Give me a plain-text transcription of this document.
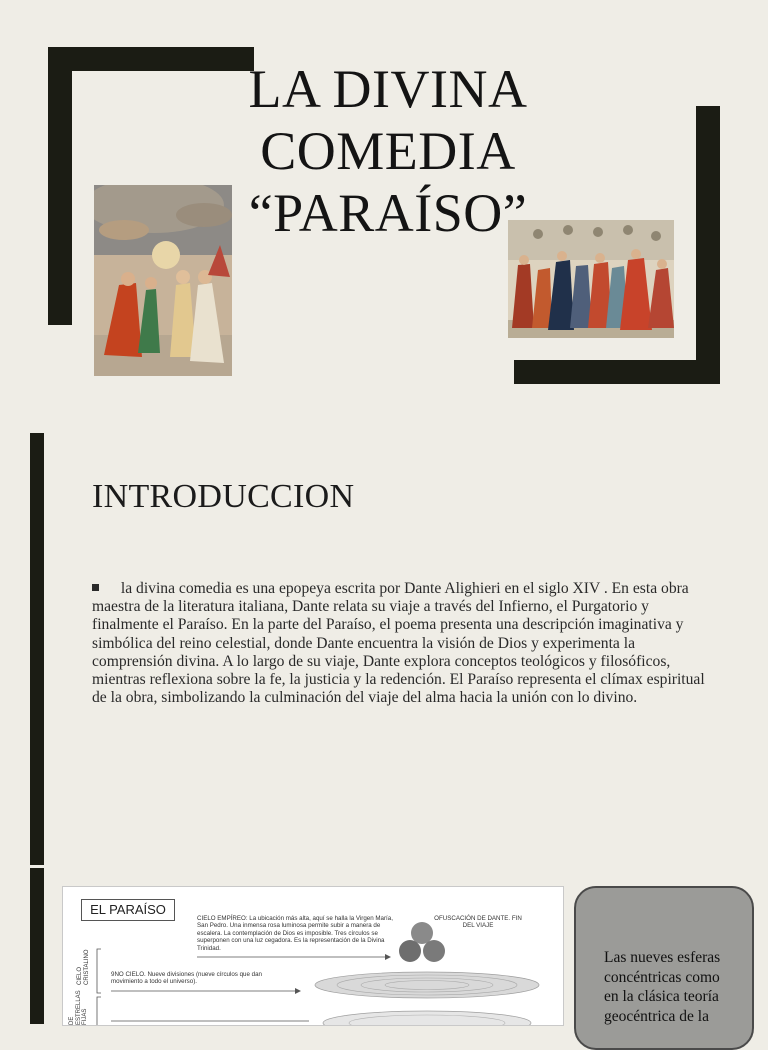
LA DIVINA
COMEDIA
“PARAÍSO”
INTRODUCCION
la divina comedia es una epopeya escrita por Dante Alighieri en el siglo XIV . En esta obra maestra de la literatura italiana, Dante relata su viaje a través del Infierno, el Purgatorio y finalmente el Paraíso. En la parte del Paraíso, el poema presenta una descripción imaginativa y simbólica del reino celestial, donde Dante encuentra la visión de Dios y experimenta la comprensión divina. A lo largo de su viaje, Dante explora conceptos teológicos y filosóficos, mientras reflexiona sobre la fe, la justicia y la redención. El Paraíso representa el clímax espiritual de la obra, simbolizando la culminación del viaje del alma hacia la unión con lo divino.
EL PARAÍSO
CIELO EMPÍREO: La ubicación más alta, aquí se halla la Virgen María, San Pedro. Una inmensa rosa luminosa permite subir a manera de escalera. La contemplación de Dios es imposible. Tres círculos se superponen con una luz cegadora. Es la representación de la Divina Trinidad.
OFUSCACIÓN DE DANTE. FIN DEL VIAJE
9NO CIELO. Nueve divisiones (nueve círculos que dan movimiento a todo el universo).
CIELO CRISTALINO
DE ESTRELLAS FIJAS
Las nueves esferas concéntricas como en la clásica teoría geocéntrica de la
